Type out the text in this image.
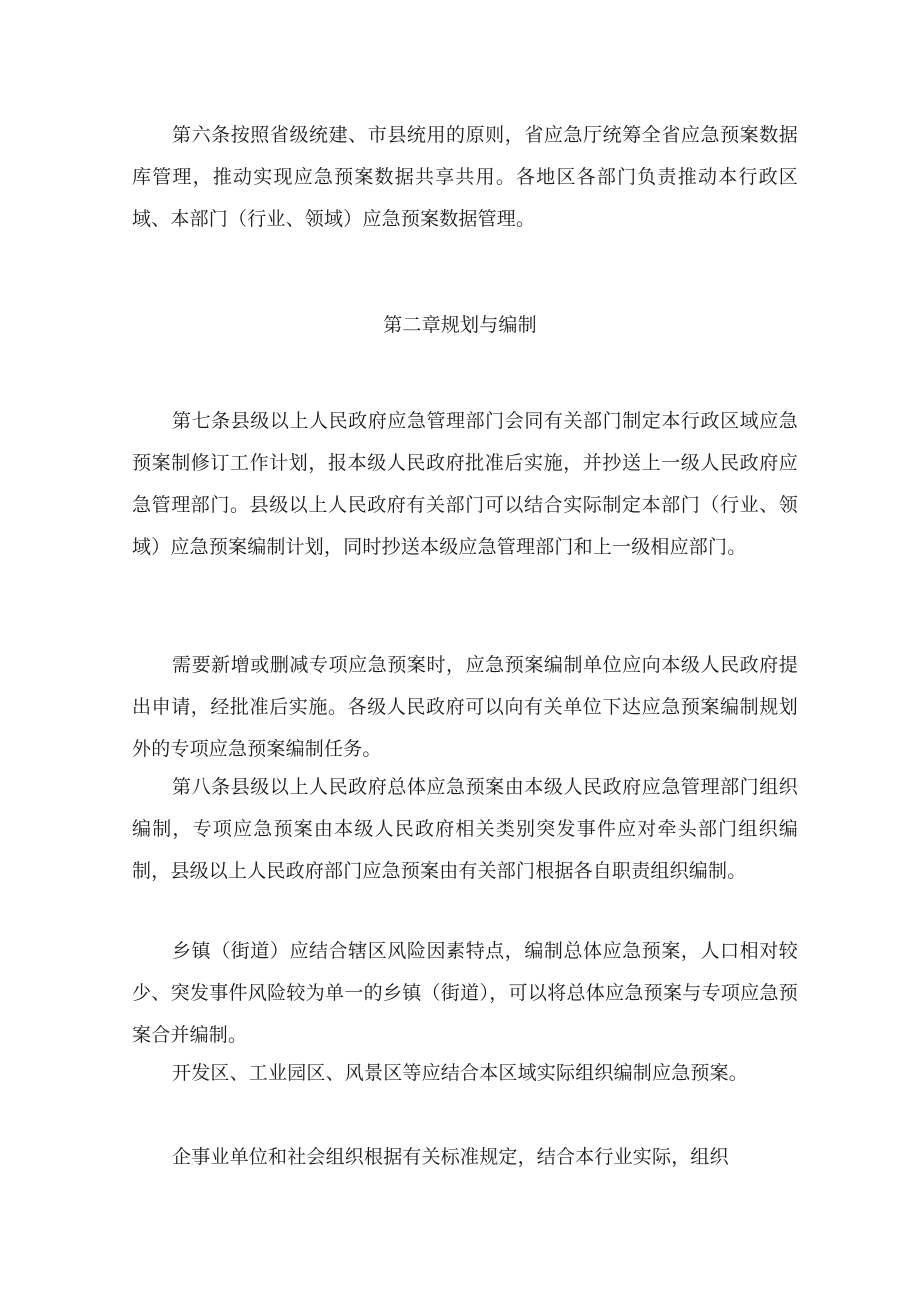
第六条按照省级统建、市县统用的原则，省应急厅统筹全省应急预案数据库管理，推动实现应急预案数据共享共用。各地区各部门负责推动本行政区域、本部门（行业、领域）应急预案数据管理。

第二章规划与编制

第七条县级以上人民政府应急管理部门会同有关部门制定本行政区域应急预案制修订工作计划，报本级人民政府批准后实施，并抄送上一级人民政府应急管理部门。县级以上人民政府有关部门可以结合实际制定本部门（行业、领域）应急预案编制计划，同时抄送本级应急管理部门和上一级相应部门。

需要新增或删减专项应急预案时，应急预案编制单位应向本级人民政府提出申请，经批准后实施。各级人民政府可以向有关单位下达应急预案编制规划外的专项应急预案编制任务。

第八条县级以上人民政府总体应急预案由本级人民政府应急管理部门组织编制，专项应急预案由本级人民政府相关类别突发事件应对牵头部门组织编制，县级以上人民政府部门应急预案由有关部门根据各自职责组织编制。

乡镇（街道）应结合辖区风险因素特点，编制总体应急预案，人口相对较少、突发事件风险较为单一的乡镇（街道），可以将总体应急预案与专项应急预案合并编制。

开发区、工业园区、风景区等应结合本区域实际组织编制应急预案。

企事业单位和社会组织根据有关标准规定，结合本行业实际，组织
